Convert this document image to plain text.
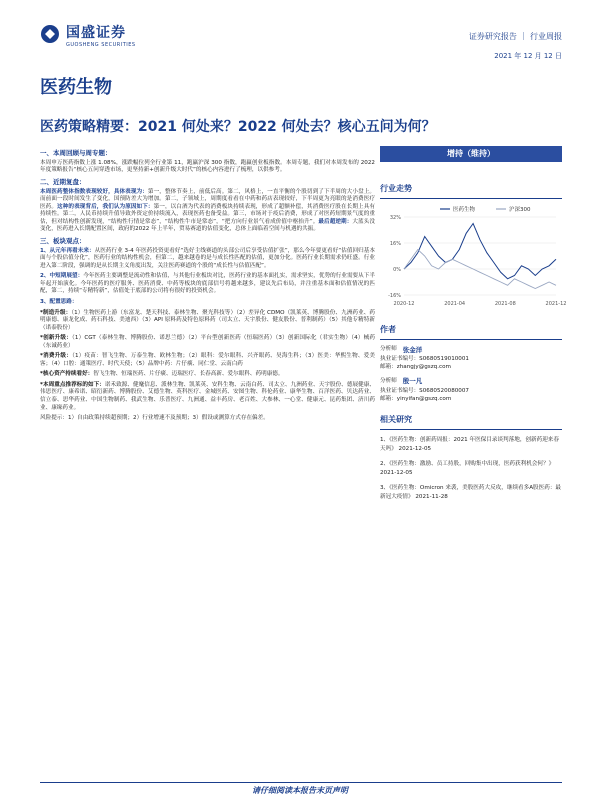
国盛证券
GUOSHENG SECURITIES
证券研究报告 ｜ 行业周报
2021 年 12 月 12 日
医药生物
医药策略精要：2021 何处来？2022 何处去？核心五问为何？
一、本周回顾与周专题：
本周申万医药指数上涨 1.08%，涨跌幅位列全行业第 11，跑赢沪深 300 指数，跑赢创业板指数。本周专题，我们对本周发布的 2022 年度策略报告“核心五问穿透市场，更坚持新+创新升级大时代”的核心内容进行了梳理，以供参考。
二、近期复盘：
本周医药整体指数表现较好，具体表现为：第一，整体节奏上，前低后高。第二，风格上，一直平衡的个股切到了下半周的大小盘上。而前面一段时间发生了变化，国预防差大为增加。第二，子领域上，周期度看看在中药和药店表现较好，下半周更为亮眼的是消费医疗医药。这种的表现背后，我们认为原因如下：第一，以白酒为代表的消费板块持续表现，形成了超额补偿，其消费医疗股在长期上具有持续性。第二，人民币持续升值导致外资定价持续流入，表现医药也备受益。第三，市场对于疫后消费，形成了对医药短期景气度的重估，但对结构性创新发现，“结构性行情是常态”，“结构性牛市是常态”，“把方向行业景气看成价值中枢抬升”。最后超逆期：大蓝头没变化，医药进入长期配置区间，政府的2022 年上半年，贸易赛道的估值变化，总体上面临着空间与机遇的共振。
三、板块观点：
1、从元年再看未来：从医药行业 3-4 年医药投资更看好“选好主线赛道的头部公司后享受估值扩张”，那么今年要更看好“估值回归基本面与个股估值分化”，医药行业的结构性机会，但第二，越来越卷的是与成长性匹配的估值，更加分化。医药行业长期需求仍旺盛。行业进入第二阶段，强调的是从长期主义角度出发，关注医药赛道的个股的“成长性与估值匹配”。
2、中短期展望：今年医药主要调整是流动性和估值，与其他行业板块对比，医药行业的基本面扎实，需求坚实，优势的行业需要从下半年起开始演化。今年医药的医疗服务、医药消费、中药等板块的底部信号将越来越多，建议先后布局，并注重基本面和估值情况的匹配，第二，持续“专精特新”，估值处于底部的公司将有很好的投资机会。
3、配置思路：
*制造升级：（1）生物医药上游（东富龙、楚天科技、泰林生物、聚光科技等）（2）差异化 CDMO（凯莱英、博腾股份、九洲药业、药明康德、康龙化成、药石科技、美迪西）（3）API 原料药及特色原料药（司太立、天宇股份、健友股份、普利制药）（5）其他专精特新（诺泰股份）
*创新升级：（1）CGT（泰林生物、博腾股份、诺思兰德）（2）平台型创新医药（恒瑞医药）（3）创新国际化（君实生物）（4）械药（东诚药业）
*消费升级：（1）疫苗：智飞生物、万泰生物、欧林生物；（2）眼科：爱尔眼科、兴齐眼药、昊海生科；（3）医美：华熙生物、爱美客；（4）口腔：通策医疗、时代天使；（5）品牌中药：片仔癀、同仁堂、云南白药
*核心资产持续看好：智飞生物、恒瑞医药、片仔癀、迈瑞医疗、长春高新、爱尔眼科、药明康德。
*本周重点推荐标的如下：诺禾致源、健麾信息、派林生物、凯莱英、安科生物、云南白药、司太立、九洲药业、天宇股份、德展健康、伟思医疗、康希诺、昭衍新药、博腾股份、艾德生物、英科医疗、金城医药、安图生物、科伦药业、康华生物、百洋医药、贝达药业、信立泰、思华药业、中国生物制药、我武生物、乐普医疗、九洲通、益丰药房、老百姓、大参林、一心堂、健康元、昆药集团、济川药业、康缘药业。
风险提示：1）自由政策持续超预期；2）行业增速不及预期；3）假设或测算方式存在偏差。
增持（维持）
行业走势
-16%
0%
16%
32%
2020-12	2021-04	2021-08	2021-12
医药生物	沪深300
作者
分析师 张金洋
执业证书编号：S0680519010001
邮箱：zhangjy@gszq.com
分析师 殷一凡
执业证书编号：S0680520080007
邮箱：yinyifan@gszq.com
相关研究
1、《医药生物：创新药周报：2021 年医保目录谈判落地，创新药迎来春天吗》 2021-12-05
2、《医药生物：激励、员工持股，回购集中出现，医药获利机会何？》 2021-12-05
3、《医药生物：Omicron 来袭，美股医药大反攻，继续看多A股医药：最新冠大疫情》 2021-11-28
请仔细阅读本报告末页声明
